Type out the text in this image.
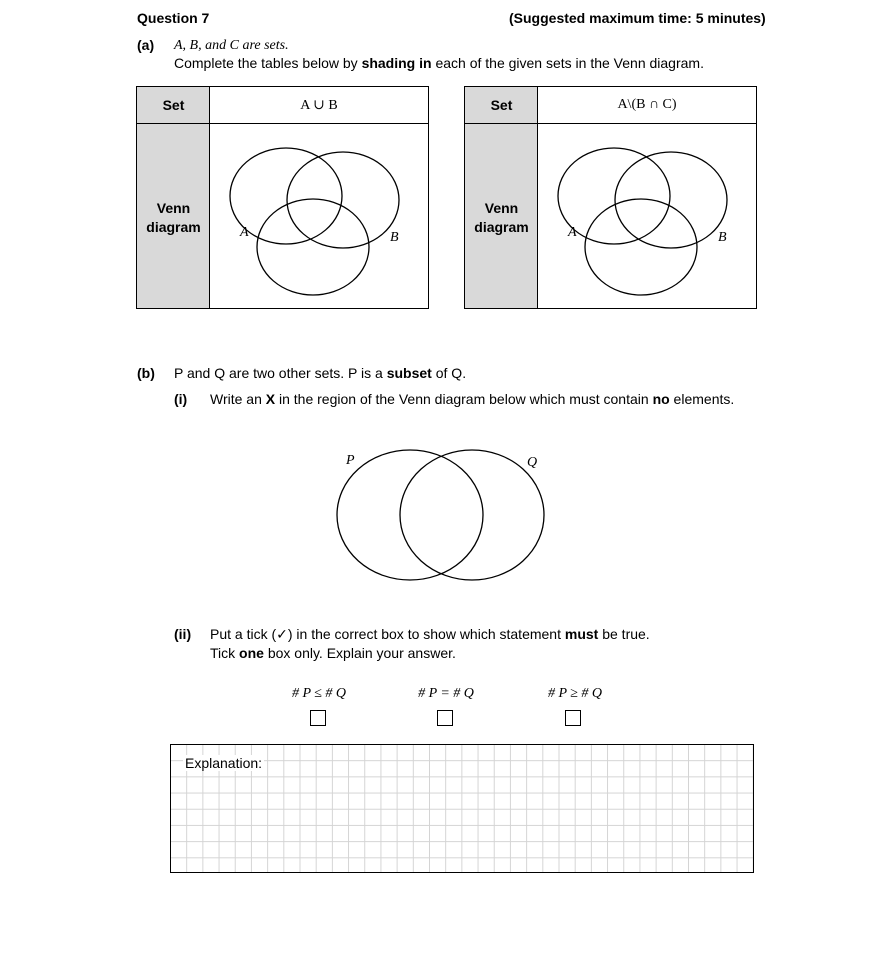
Question 7	(Suggested maximum time: 5 minutes)
(a) A, B, and C are sets.
Complete the tables below by shading in each of the given sets in the Venn diagram.
Set	A ∪ B
Venn
diagram	A	B
Set	A\(B ∩ C)
Venn
diagram	A	B
(b) P and Q are two other sets. P is a subset of Q.
(i) Write an X in the region of the Venn diagram below which must contain no elements.
P	Q
(ii) Put a tick (✓) in the correct box to show which statement must be true.
Tick one box only. Explain your answer.
# P ≤ # Q	# P = # Q	# P ≥ # Q
Explanation:
